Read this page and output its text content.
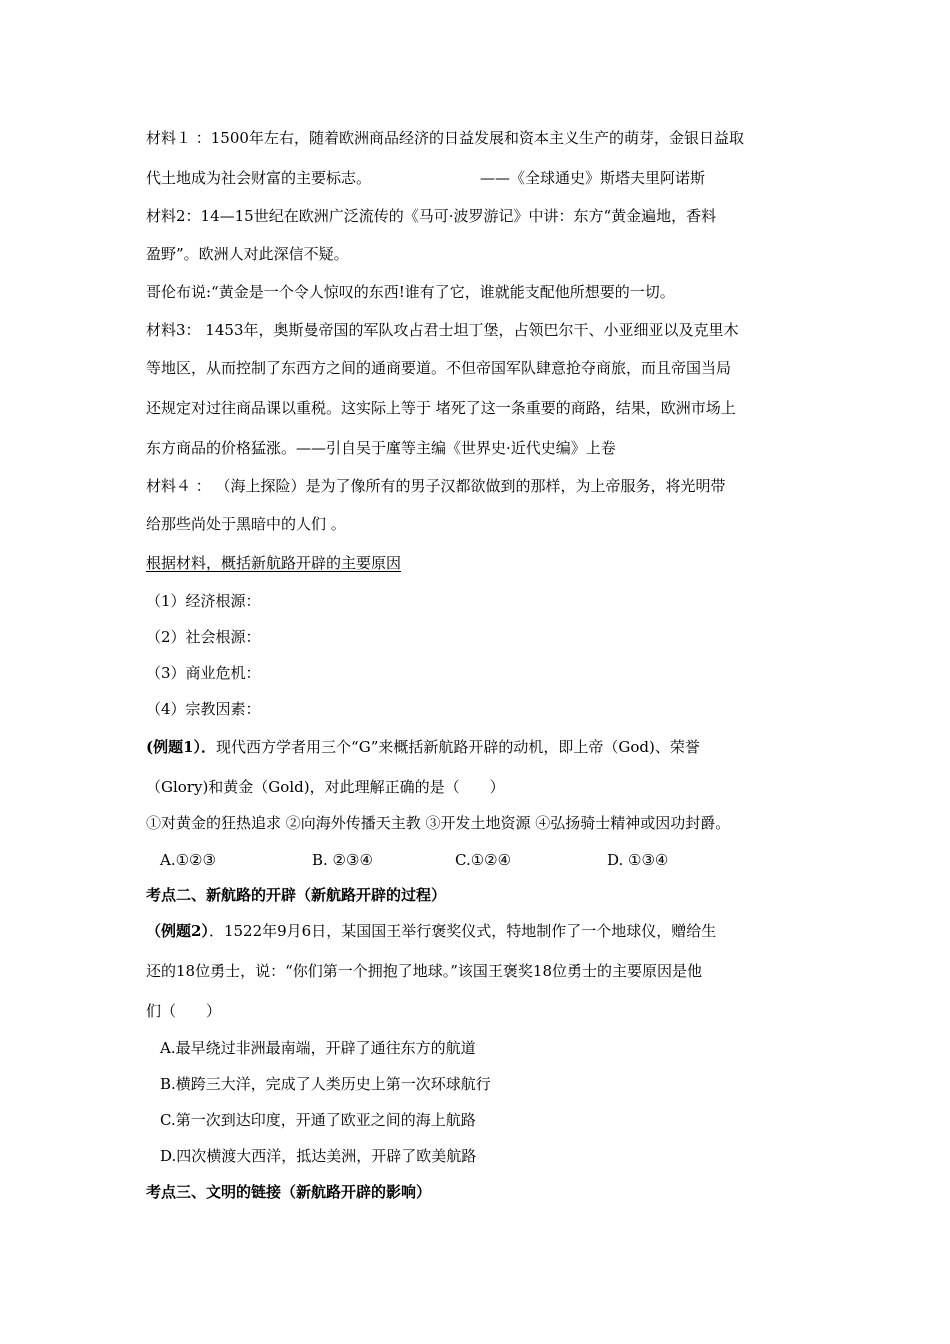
材料１ ：1500年左右，随着欧洲商品经济的日益发展和资本主义生产的萌芽，金银日益取
代土地成为社会财富的主要标志。	——《全球通史》斯塔夫里阿诺斯
材料2：14—15世纪在欧洲广泛流传的《马可·波罗游记》中讲：东方“黄金遍地，香料
盈野”。欧洲人对此深信不疑。
哥伦布说:“黄金是一个令人惊叹的东西!谁有了它，谁就能支配他所想要的一切。
材料3： 1453年，奥斯曼帝国的军队攻占君士坦丁堡，占领巴尔干、小亚细亚以及克里木
等地区，从而控制了东西方之间的通商要道。不但帝国军队肆意抢夺商旅，而且帝国当局
还规定对过往商品课以重税。这实际上等于 堵死了这一条重要的商路，结果，欧洲市场上
东方商品的价格猛涨。——引自吴于廑等主编《世界史·近代史编》上卷
材料４ ： （海上探险）是为了像所有的男子汉都欲做到的那样，为上帝服务，将光明带
给那些尚处于黑暗中的人们 。
根据材料，概括新航路开辟的主要原因
（1）经济根源：
（2）社会根源：
（3）商业危机：
（4）宗教因素：
(例题1）．现代西方学者用三个“G”来概括新航路开辟的动机，即上帝（God)、荣誉
（Glory)和黄金（Gold)，对此理解正确的是（　　）
①对黄金的狂热追求 ②向海外传播天主教 ③开发土地资源 ④弘扬骑士精神或因功封爵。
A.①②③	B. ②③④	C.①②④	D. ①③④
考点二、新航路的开辟（新航路开辟的过程）
（例题2）．1522年9月6日，某国国王举行褒奖仪式，特地制作了一个地球仪，赠给生
还的18位勇士，说：“你们第一个拥抱了地球。”该国王褒奖18位勇士的主要原因是他
们（　　）
A.最早绕过非洲最南端，开辟了通往东方的航道
B.横跨三大洋，完成了人类历史上第一次环球航行
C.第一次到达印度，开通了欧亚之间的海上航路
D.四次横渡大西洋，抵达美洲，开辟了欧美航路
考点三、文明的链接（新航路开辟的影响）
